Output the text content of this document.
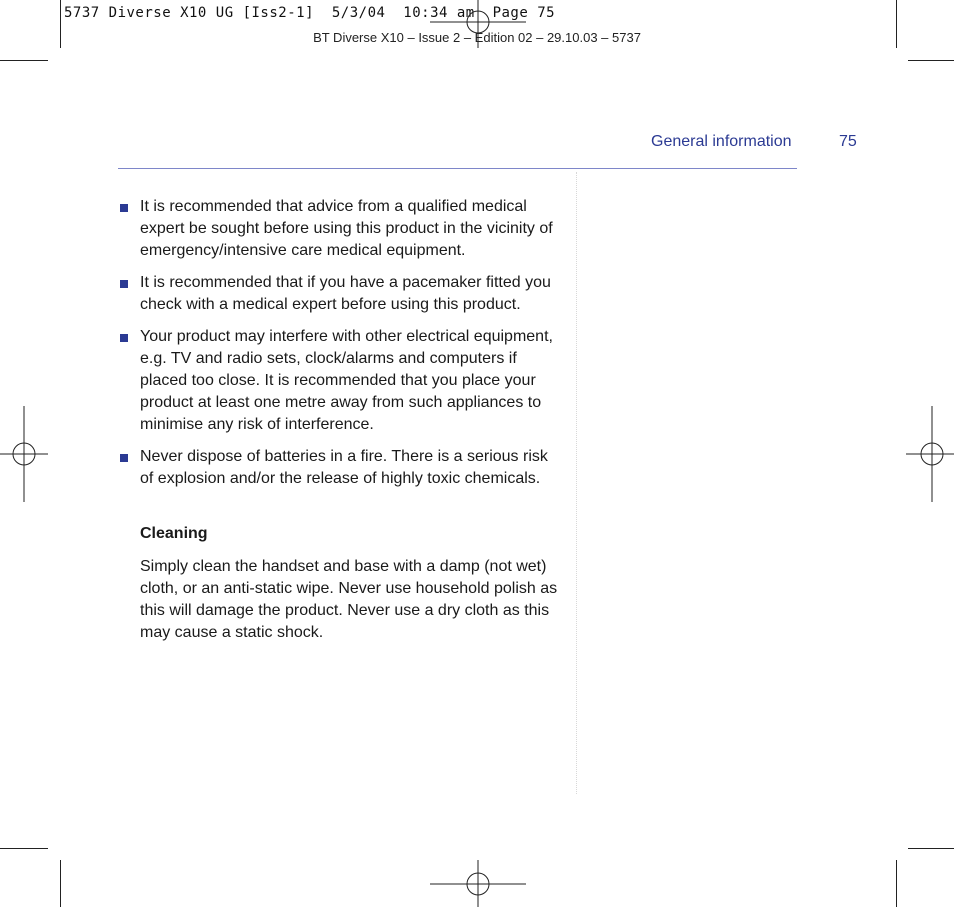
5737 Diverse X10 UG [Iss2-1]  5/3/04  10:34 am  Page 75
BT Diverse X10 – Issue 2 – Edition 02 – 29.10.03 – 5737
General information	75
It is recommended that advice from a qualified medical expert be sought before using this product in the vicinity of emergency/intensive care medical equipment.
It is recommended that if you have a pacemaker fitted you check with a medical expert before using this product.
Your product may interfere with other electrical equipment, e.g. TV and radio sets, clock/alarms and computers if placed too close. It is recommended that you place your product at least one metre away from such appliances to minimise any risk of interference.
Never dispose of batteries in a fire. There is a serious risk of explosion and/or the release of highly toxic chemicals.
Cleaning
Simply clean the handset and base with a damp (not wet) cloth, or an anti-static wipe. Never use household polish as this will damage the product. Never use a dry cloth as this may cause a static shock.
